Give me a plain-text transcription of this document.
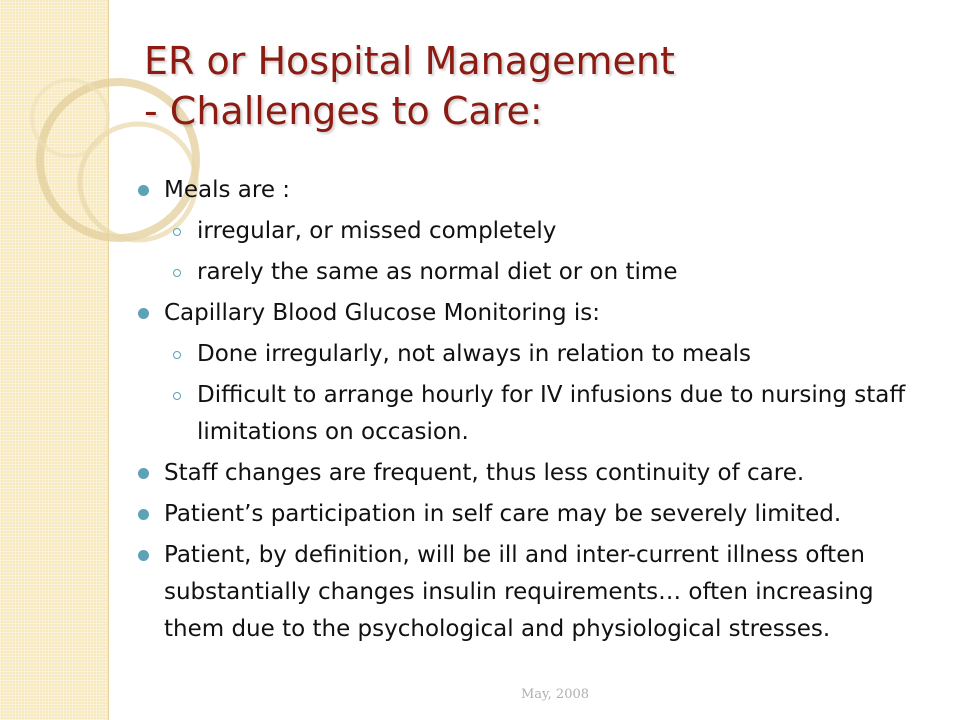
ER or Hospital Management
- Challenges to Care:
Meals are :
irregular, or missed completely
rarely the same as normal diet or on time
Capillary Blood Glucose Monitoring is:
Done irregularly, not always in relation to meals
Difficult to arrange hourly for IV infusions due to nursing staff limitations on occasion.
Staff changes are frequent, thus less continuity of care.
Patient’s participation in self care may be severely limited.
Patient, by definition, will be ill and inter-current illness often substantially changes insulin requirements… often increasing them due to the psychological and physiological stresses.
May, 2008
